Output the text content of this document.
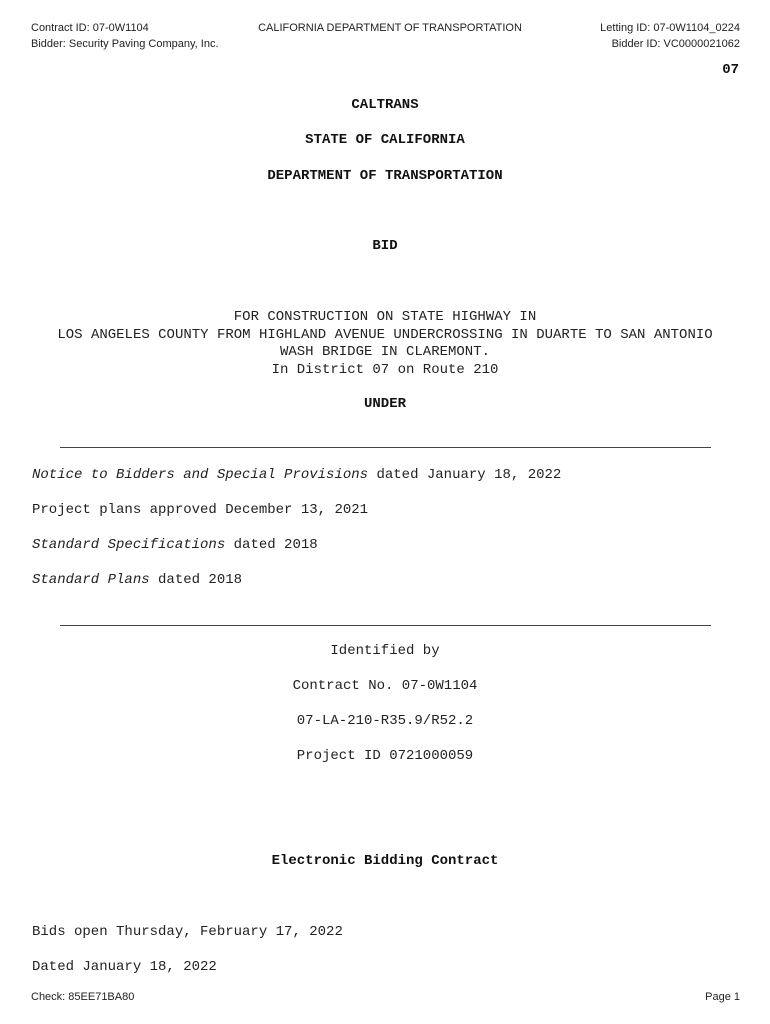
Contract ID: 07-0W1104
Bidder: Security Paving Company, Inc.
CALIFORNIA DEPARTMENT OF TRANSPORTATION	Letting ID: 07-0W1104_0224
Bidder ID: VC0000021062
07
CALTRANS
STATE OF CALIFORNIA
DEPARTMENT OF TRANSPORTATION
BID
FOR CONSTRUCTION ON STATE HIGHWAY IN
LOS ANGELES COUNTY FROM HIGHLAND AVENUE UNDERCROSSING IN DUARTE TO SAN ANTONIO
WASH BRIDGE IN CLAREMONT.
In District 07 on Route 210
UNDER
Notice to Bidders and Special Provisions dated January 18, 2022
Project plans approved December 13, 2021
Standard Specifications dated 2018
Standard Plans dated 2018
Identified by
Contract No. 07-0W1104
07-LA-210-R35.9/R52.2
Project ID 0721000059
Electronic Bidding Contract
Bids open Thursday, February 17, 2022
Dated January 18, 2022
Check: 85EE71BA80	Page 1
